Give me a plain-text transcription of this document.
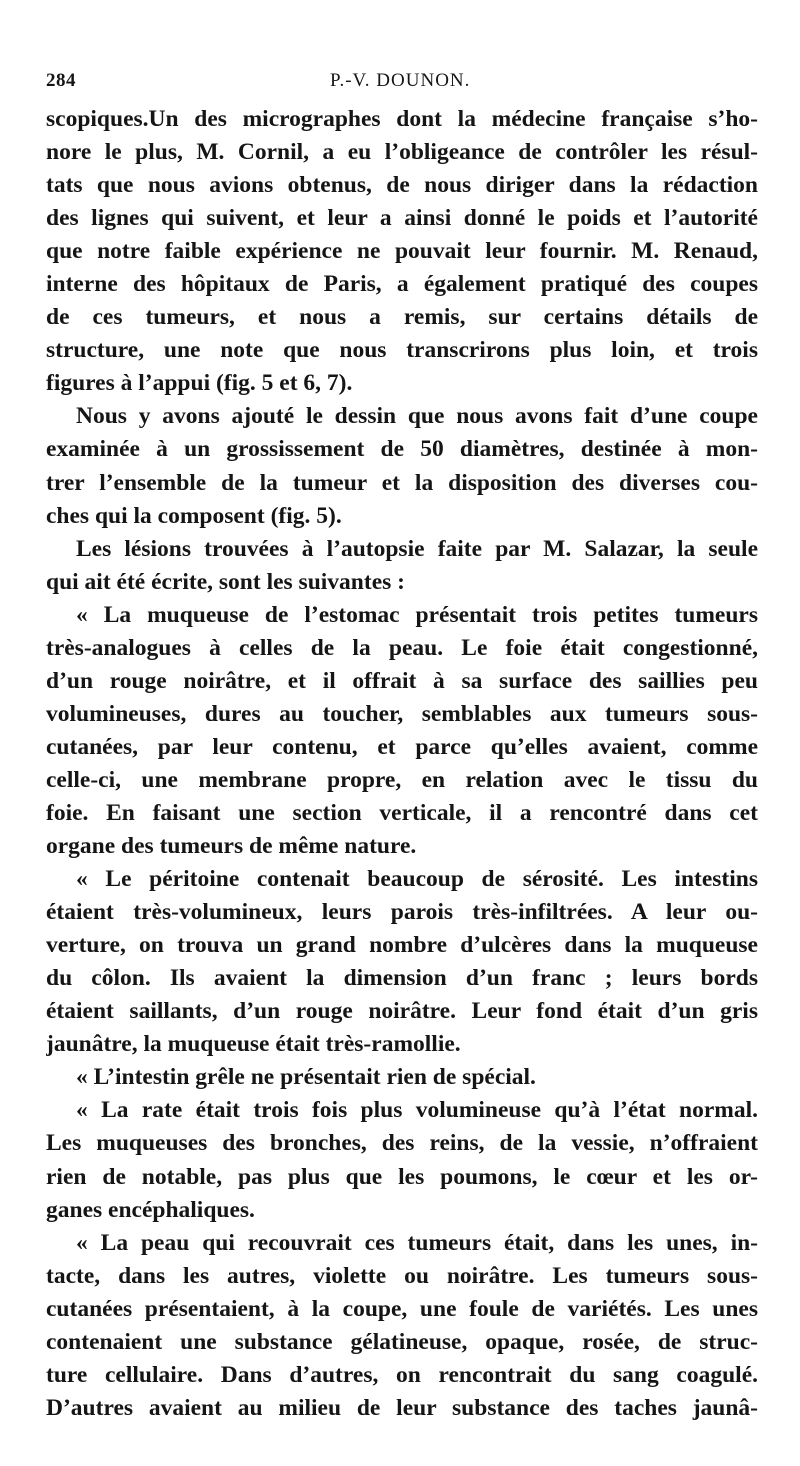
284	P.-V. DOUNON.
scopiques.Un des micrographes dont la médecine française s’ho-
nore le plus, M. Cornil, a eu l’obligeance de contrôler les résul-
tats que nous avions obtenus, de nous diriger dans la rédaction
des lignes qui suivent, et leur a ainsi donné le poids et l’autorité
que notre faible expérience ne pouvait leur fournir. M. Renaud,
interne des hôpitaux de Paris, a également pratiqué des coupes
de ces tumeurs, et nous a remis, sur certains détails de
structure, une note que nous transcrirons plus loin, et trois
figures à l’appui (fig. 5 et 6, 7).
Nous y avons ajouté le dessin que nous avons fait d’une coupe
examinée à un grossissement de 50 diamètres, destinée à mon-
trer l’ensemble de la tumeur et la disposition des diverses cou-
ches qui la composent (fig. 5).
Les lésions trouvées à l’autopsie faite par M. Salazar, la seule
qui ait été écrite, sont les suivantes :
« La muqueuse de l’estomac présentait trois petites tumeurs
très-analogues à celles de la peau. Le foie était congestionné,
d’un rouge noirâtre, et il offrait à sa surface des saillies peu
volumineuses, dures au toucher, semblables aux tumeurs sous-
cutanées, par leur contenu, et parce qu’elles avaient, comme
celle-ci, une membrane propre, en relation avec le tissu du
foie. En faisant une section verticale, il a rencontré dans cet
organe des tumeurs de même nature.
« Le péritoine contenait beaucoup de sérosité. Les intestins
étaient très-volumineux, leurs parois très-infiltrées. A leur ou-
verture, on trouva un grand nombre d’ulcères dans la muqueuse
du côlon. Ils avaient la dimension d’un franc ; leurs bords
étaient saillants, d’un rouge noirâtre. Leur fond était d’un gris
jaunâtre, la muqueuse était très-ramollie.
« L’intestin grêle ne présentait rien de spécial.
« La rate était trois fois plus volumineuse qu’à l’état normal.
Les muqueuses des bronches, des reins, de la vessie, n’offraient
rien de notable, pas plus que les poumons, le cœur et les or-
ganes encéphaliques.
« La peau qui recouvrait ces tumeurs était, dans les unes, in-
tacte, dans les autres, violette ou noirâtre. Les tumeurs sous-
cutanées présentaient, à la coupe, une foule de variétés. Les unes
contenaient une substance gélatineuse, opaque, rosée, de struc-
ture cellulaire. Dans d’autres, on rencontrait du sang coagulé.
D’autres avaient au milieu de leur substance des taches jaunâ-
